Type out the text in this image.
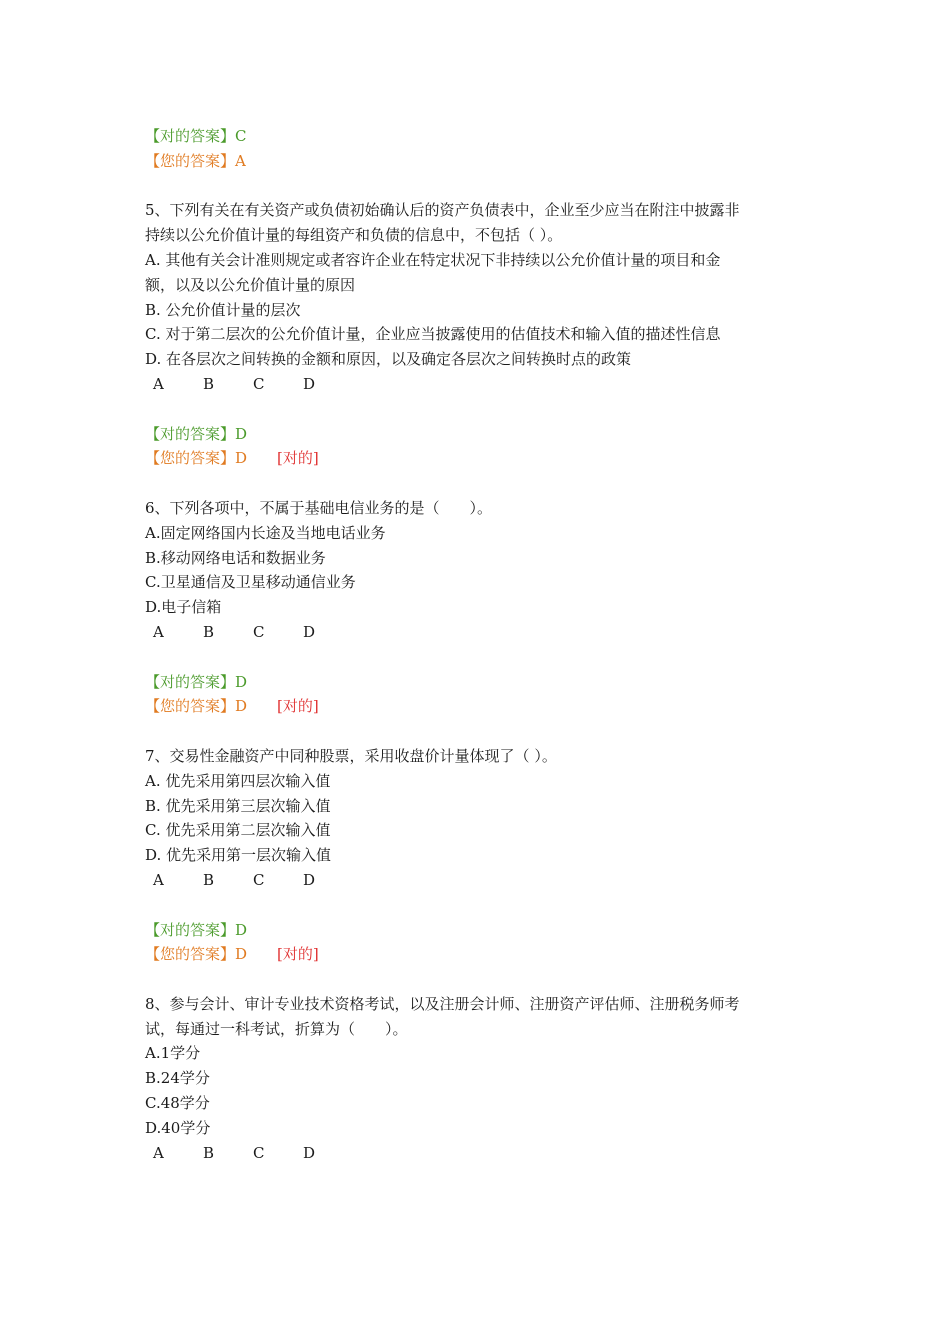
【对的答案】C
【您的答案】A
5、下列有关在有关资产或负债初始确认后的资产负债表中，企业至少应当在附注中披露非
持续以公允价值计量的每组资产和负债的信息中，不包括（ ）。
A. 其他有关会计准则规定或者容许企业在特定状况下非持续以公允价值计量的项目和金
额，以及以公允价值计量的原因
B. 公允价值计量的层次
C. 对于第二层次的公允价值计量，企业应当披露使用的估值技术和输入值的描述性信息
D. 在各层次之间转换的金额和原因，以及确定各层次之间转换时点的政策
A	B	C	D
【对的答案】D
【您的答案】D [对的]
6、下列各项中，不属于基础电信业务的是（　　）。
A.固定网络国内长途及当地电话业务
B.移动网络电话和数据业务
C.卫星通信及卫星移动通信业务
D.电子信箱
A	B	C	D
【对的答案】D
【您的答案】D [对的]
7、交易性金融资产中同种股票，采用收盘价计量体现了（ ）。
A. 优先采用第四层次输入值
B. 优先采用第三层次输入值
C. 优先采用第二层次输入值
D. 优先采用第一层次输入值
A	B	C	D
【对的答案】D
【您的答案】D [对的]
8、参与会计、审计专业技术资格考试，以及注册会计师、注册资产评估师、注册税务师考
试，每通过一科考试，折算为（　　）。
A.1学分
B.24学分
C.48学分
D.40学分
A	B	C	D
